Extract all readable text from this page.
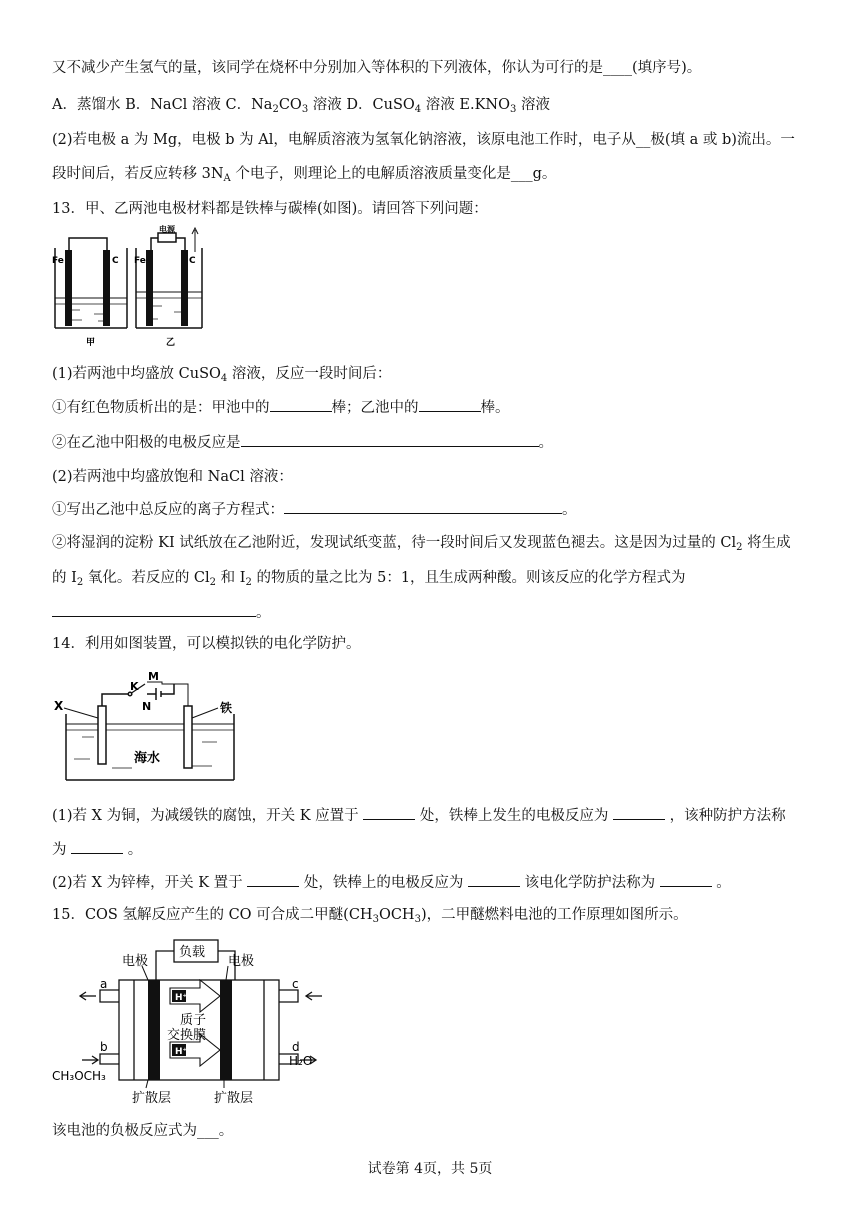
又不减少产生氢气的量，该同学在烧杯中分别加入等体积的下列液体，你认为可行的是____(填序号)。
A．蒸馏水 B．NaCl 溶液 C．$Na_2CO_3$ 溶液 D．CuSO$_4$ 溶液 $E.KNO_3$ 溶液
(2)若电极 a 为 Mg，电极 b 为 Al，电解质溶液为氢氧化钠溶液，该原电池工作时，电子从__极(填 a 或 b)流出。一
段时间后，若反应转移 $3N_A$ 个电子，则理论上的电解质溶液质量变化是___g。
13．甲、乙两池电极材料都是铁棒与碳棒(如图)。请回答下列问题：
Fe	C
甲
Fe	C
电源
乙
(1)若两池中均盛放 CuSO$_4$ 溶液，反应一段时间后：
①有红色物质析出的是：甲池中的	棒；乙池中的	棒。
②在乙池中阳极的电极反应是	。
(2)若两池中均盛放饱和 NaCl 溶液：
①写出乙池中总反应的离子方程式：	。
②将湿润的淀粉 KI 试纸放在乙池附近，发现试纸变蓝，待一段时间后又发现蓝色褪去。这是因为过量的 $Cl_2$ 将生成
的 $I_2$ 氧化。若反应的 $Cl_2$ 和 $I_2$ 的物质的量之比为 5：1，且生成两种酸。则该反应的化学方程式为
。
14．利用如图装置，可以模拟铁的电化学防护。
M
K
N
X	铁
海水
(1)若 X 为铜，为减缓铁的腐蚀，开关 K 应置于	处，铁棒上发生的电极反应为	，该种防护方法称
为	。
(2)若 X 为锌棒，开关 K 置于	处，铁棒上的电极反应为	该电化学防护法称为	。
15．COS 氢解反应产生的 CO 可合成二甲醚$(CH_3OCH_3)$，二甲醚燃料电池的工作原理如图所示。
H⁺
H⁺
负载
电极	电极
a
b
c
d
质子
交换膜
CH₃OCH₃
H₂O
扩散层	扩散层
该电池的负极反应式为___。
试卷第 4页，共 5页
